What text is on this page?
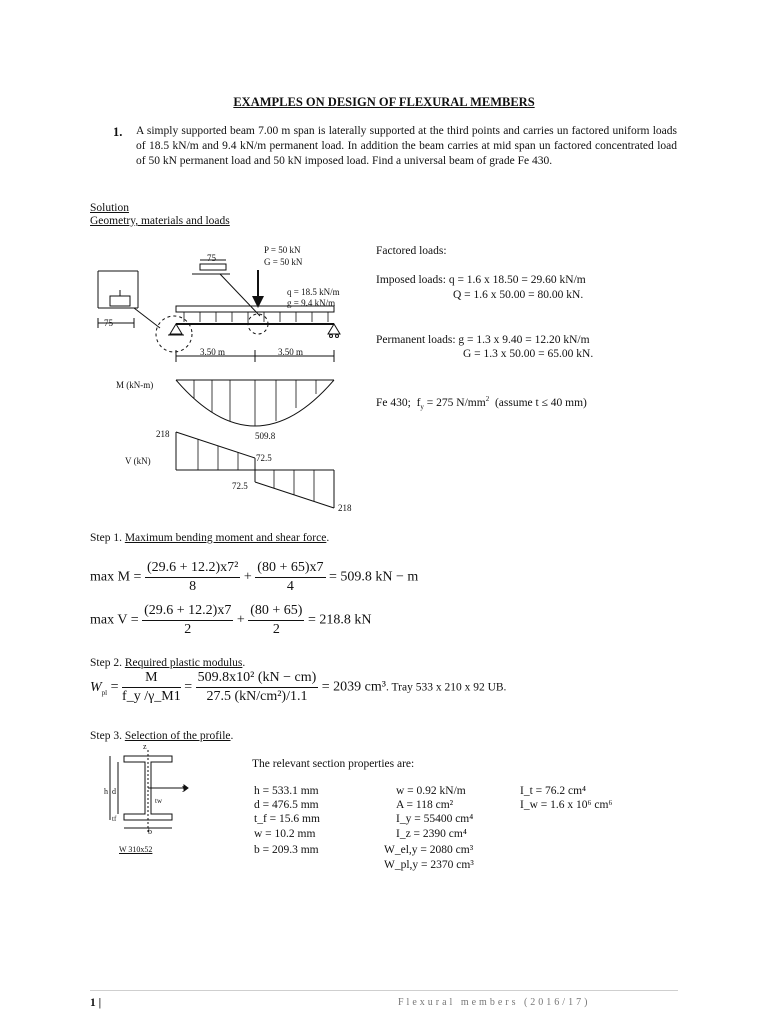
EXAMPLES ON DESIGN OF FLEXURAL MEMBERS
1. A simply supported beam 7.00 m span is laterally supported at the third points and carries un factored uniform loads of 18.5 kN/m and 9.4 kN/m permanent load. In addition the beam carries at mid span un factored concentrated load of 50 kN permanent load and 50 kN imposed load. Find a universal beam of grade Fe 430.
Solution
Geometry, materials and loads
P = 50 kN
G = 50 kN
75
q = 18.5 kN/m
g = 9.4 kN/m
75
3.50 m	3.50 m
M (kN-m)
509.8
218
72.5
V (kN)
72.5
218
Factored loads:
Imposed loads: q = 1.6 x 18.50 = 29.60 kN/m
Q = 1.6 x 50.00 = 80.00 kN.
Permanent loads: g = 1.3 x 9.40 = 12.20 kN/m
G = 1.3 x 50.00 = 65.00 kN.
Fe 430;  $f_y = 275$ $N/mm^2$ (assume t ≤ 40 mm)
Step 1. Maximum bending moment and shear force.
$\max M = \frac{\text{(29.6 + 12.2)x7²}}{8} + \frac{(80 + 65)x7}{4} = 509.8$ kN − m
$\max V = \frac{(29.6 + 12.2)x7}{2} + \frac{(80 + 65)}{2} = 218.8$ kN
Step 2. Required plastic modulus.
$W_{pl} = \frac{M}{f\_y /\gamma\_M1} = \frac{\text{509.8x10² (kN − cm)}}{\text{27.5 (kN/cm²)/1.1}} = 2039$ cm³. Tray 533 x 210 x 92 UB.
Step 3. Selection of the profile.
z
y
h d
tw
tf
b
W 310x52
The relevant section properties are:
h = 533.1 mm
d = 476.5 mm
t_f = 15.6 mm
w = 10.2 mm
b = 209.3 mm
w = 0.92 kN/m
A = 118 cm²
I_y = 55400 cm⁴
I_z = 2390 cm⁴
W_el,y = 2080 cm³
W_pl,y = 2370 cm³
I_t = 76.2 cm⁴
I_w = 1.6 x 10⁶ cm⁶
1 |	Flexural members (2016/17)
